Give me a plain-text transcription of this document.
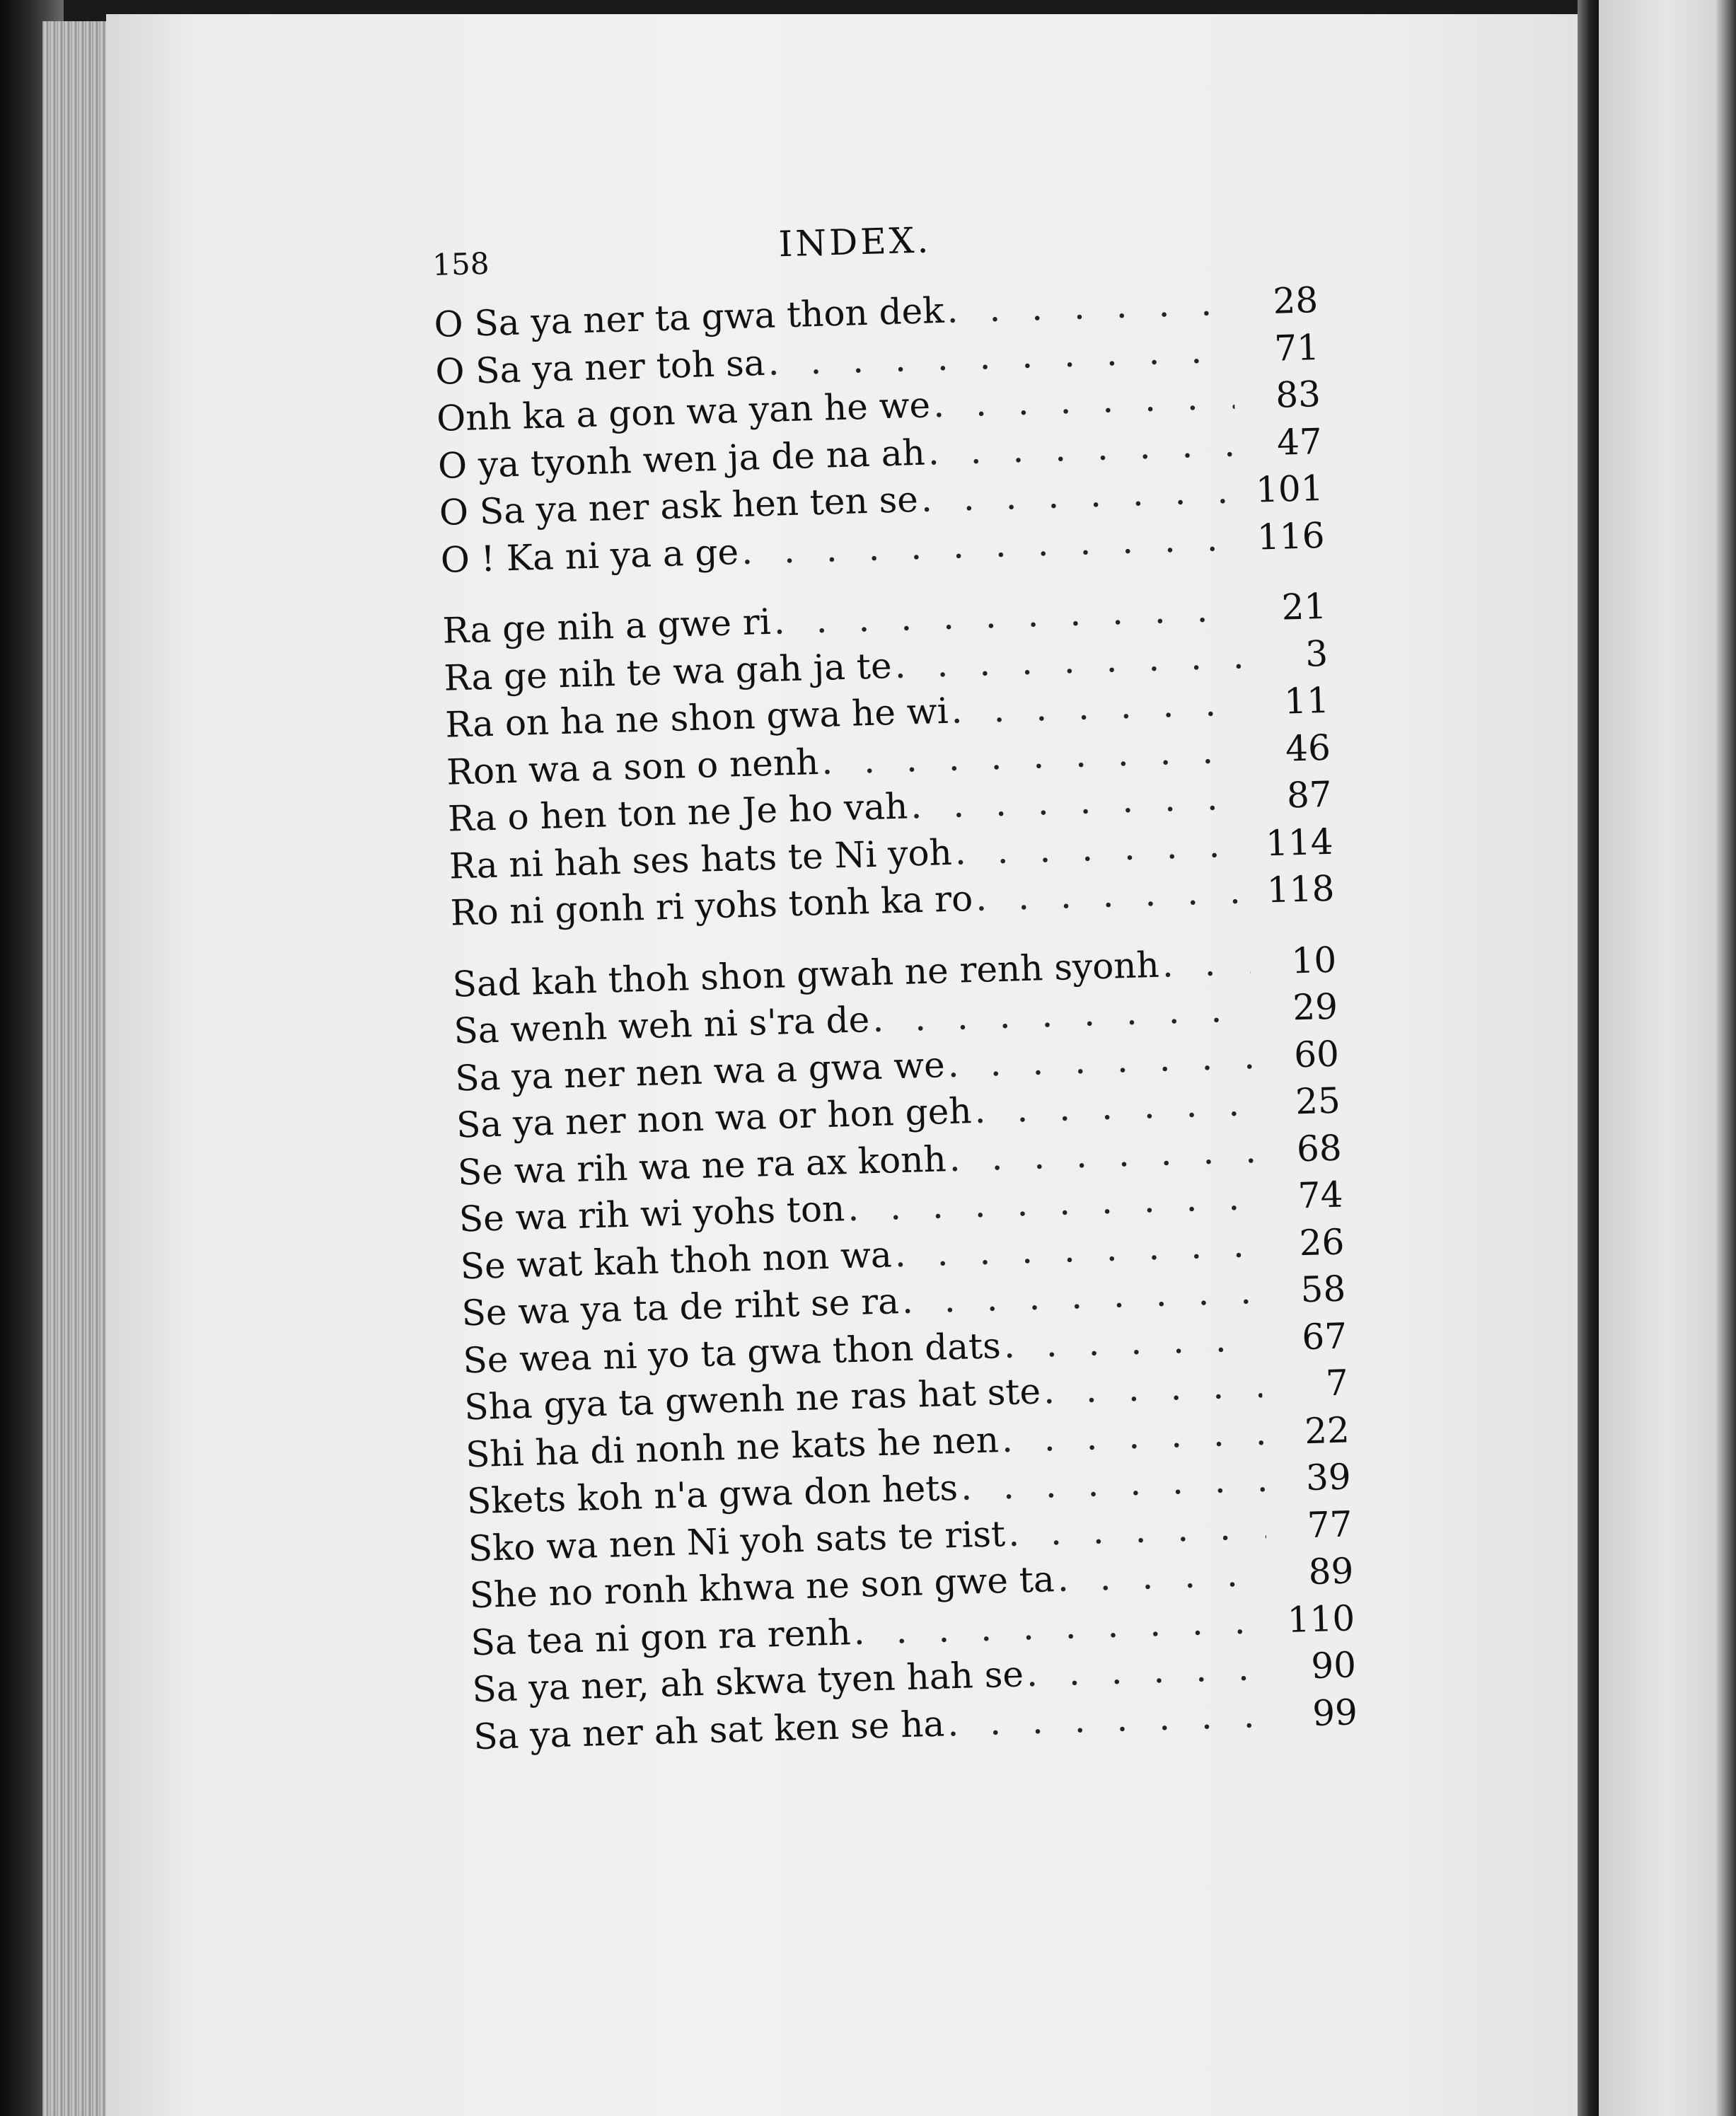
158	INDEX.
O Sa ya ner ta gwa thon dek . . .	28
O Sa ya ner toh sa . . .	71
Onh ka a gon wa yan he we . . .	83
O ya tyonh wen ja de na ah . . .	47
O Sa ya ner ask hen ten se . . .	101
O ! Ka ni ya a ge . . .	116
Ra ge nih a gwe ri . . .	21
Ra ge nih te wa gah ja te . . .	3
Ra on ha ne shon gwa he wi . . .	11
Ron wa a son o nenh . . .	46
Ra o hen ton ne Je ho vah . . .	87
Ra ni hah ses hats te Ni yoh . . .	114
Ro ni gonh ri yohs tonh ka ro . . .	118
Sad kah thoh shon gwah ne renh syonh . . .	10
Sa wenh weh ni s'ra de . . .	29
Sa ya ner nen wa a gwa we . . .	60
Sa ya ner non wa or hon geh . . .	25
Se wa rih wa ne ra ax konh . . .	68
Se wa rih wi yohs ton . . .	74
Se wat kah thoh non wa . . .	26
Se wa ya ta de riht se ra . . .	58
Se wea ni yo ta gwa thon dats . . .	67
Sha gya ta gwenh ne ras hat ste . . .	7
Shi ha di nonh ne kats he nen . . .	22
Skets koh n'a gwa don hets . . .	39
Sko wa nen Ni yoh sats te rist . . .	77
She no ronh khwa ne son gwe ta . . .	89
Sa tea ni gon ra renh . . .	110
Sa ya ner, ah skwa tyen hah se . . .	90
Sa ya ner ah sat ken se ha . . .	99
